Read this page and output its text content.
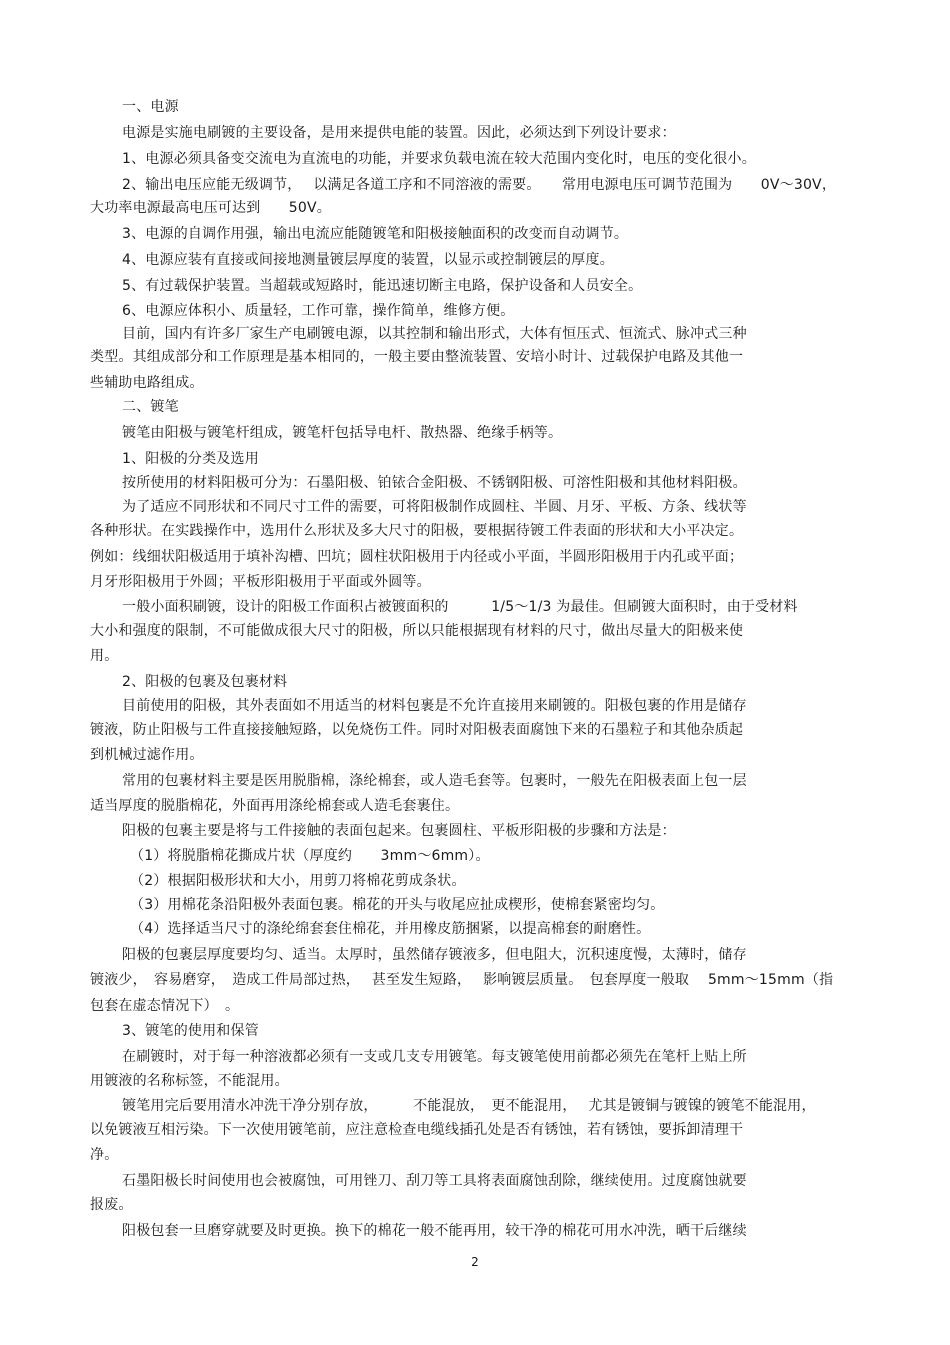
一、电源
电源是实施电刷镀的主要设备，是用来提供电能的装置。因此，必须达到下列设计要求：
1、电源必须具备变交流电为直流电的功能，并要求负载电流在较大范围内变化时，电压的变化很小。
2、输出电压应能无级调节，　 以满足各道工序和不同溶液的需要。　　常用电源电压可调节范围为　　0V～30V，
大功率电源最高电压可达到　　50V。
3、电源的自调作用强，输出电流应能随镀笔和阳极接触面积的改变而自动调节。
4、电源应装有直接或间接地测量镀层厚度的装置，以显示或控制镀层的厚度。
5、有过载保护装置。当超载或短路时，能迅速切断主电路，保护设备和人员安全。
6、电源应体积小、质量轻，工作可靠，操作简单，维修方便。
目前，国内有许多厂家生产电刷镀电源，以其控制和输出形式，大体有恒压式、恒流式、脉冲式三种
类型。其组成部分和工作原理是基本相同的，一般主要由整流装置、安培小时计、过载保护电路及其他一
些辅助电路组成。
二、镀笔
镀笔由阳极与镀笔杆组成，镀笔杆包括导电杆、散热器、绝缘手柄等。
1、阳极的分类及选用
按所使用的材料阳极可分为：石墨阳极、铂铱合金阳极、不锈钢阳极、可溶性阳极和其他材料阳极。
为了适应不同形状和不同尺寸工件的需要，可将阳极制作成圆柱、半圆、月牙、平板、方条、线状等
各种形状。在实践操作中，选用什么形状及多大尺寸的阳极，要根据待镀工件表面的形状和大小平决定。
例如：线细状阳极适用于填补沟槽、凹坑；圆柱状阳极用于内径或小平面，半圆形阳极用于内孔或平面；
月牙形阳极用于外圆；平板形阳极用于平面或外圆等。
一般小面积刷镀，设计的阳极工作面积占被镀面积的　　　1/5～1/3 为最佳。但刷镀大面积时，由于受材料
大小和强度的限制，不可能做成很大尺寸的阳极，所以只能根据现有材料的尺寸，做出尽量大的阳极来使
用。
2、阳极的包裹及包裹材料
目前使用的阳极，其外表面如不用适当的材料包裹是不允许直接用来刷镀的。阳极包裹的作用是储存
镀液，防止阳极与工件直接接触短路，以免烧伤工件。同时对阳极表面腐蚀下来的石墨粒子和其他杂质起
到机械过滤作用。
常用的包裹材料主要是医用脱脂棉，涤纶棉套，或人造毛套等。包裹时，一般先在阳极表面上包一层
适当厚度的脱脂棉花，外面再用涤纶棉套或人造毛套裹住。
阳极的包裹主要是将与工件接触的表面包起来。包裹圆柱、平板形阳极的步骤和方法是：
（1）将脱脂棉花撕成片状（厚度约　　3mm～6mm）。
（2）根据阳极形状和大小，用剪刀将棉花剪成条状。
（3）用棉花条沿阳极外表面包裹。棉花的开头与收尾应扯成楔形，使棉套紧密均匀。
（4）选择适当尺寸的涤纶绵套套住棉花，并用橡皮筋捆紧，以提高棉套的耐磨性。
阳极的包裹层厚度要均匀、适当。太厚时，虽然储存镀液多，但电阻大，沉积速度慢，太薄时，储存
镀液少，　容易磨穿，　造成工件局部过热，　 甚至发生短路，　 影响镀层质量。　包套厚度一般取　 5mm～15mm（指
包套在虚态情况下）　。
3、镀笔的使用和保管
在刷镀时，对于每一种溶液都必须有一支或几支专用镀笔。每支镀笔使用前都必须先在笔杆上贴上所
用镀液的名称标签，不能混用。
镀笔用完后要用清水冲洗干净分别存放，　　　不能混放，　更不能混用，　 尤其是镀铜与镀镍的镀笔不能混用，
以免镀液互相污染。下一次使用镀笔前，应注意检查电缆线插孔处是否有锈蚀，若有锈蚀，要拆卸清理干
净。
石墨阳极长时间使用也会被腐蚀，可用锉刀、刮刀等工具将表面腐蚀刮除，继续使用。过度腐蚀就要
报废。
阳极包套一旦磨穿就要及时更换。换下的棉花一般不能再用，较干净的棉花可用水冲洗，晒干后继续
2
